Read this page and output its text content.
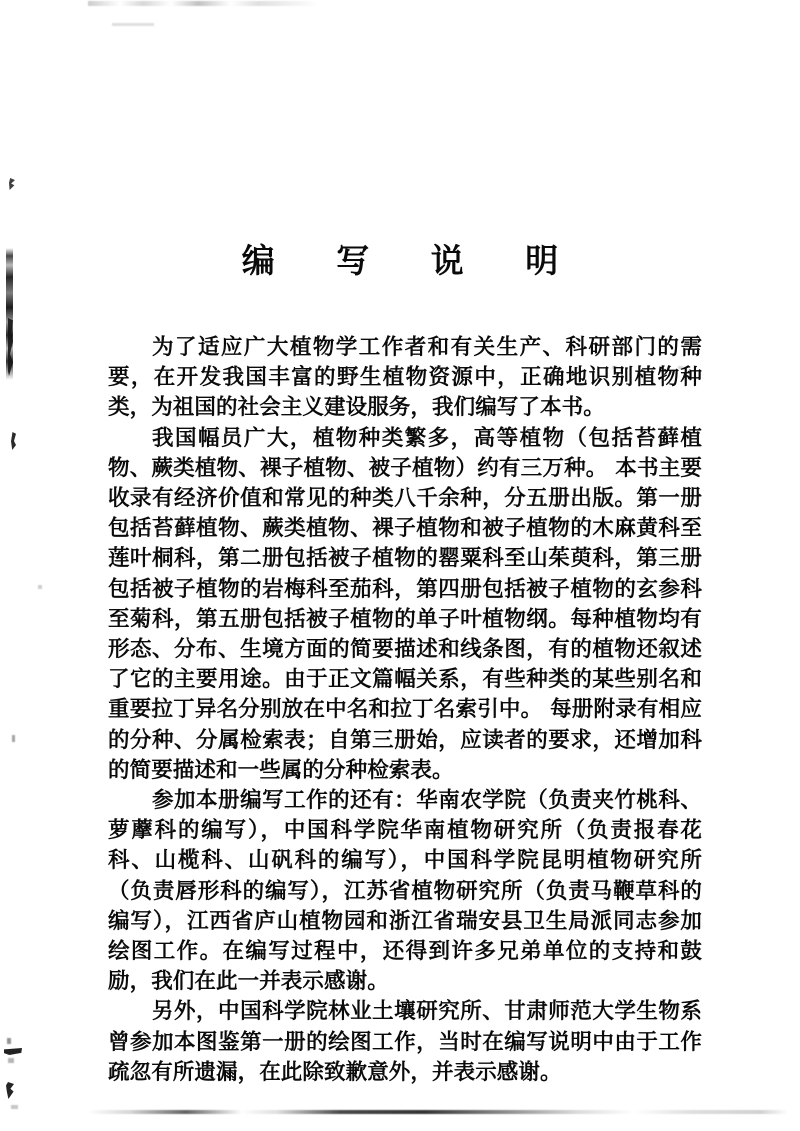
编 写 说 明

为了适应广大植物学工作者和有关生产、科研部门的需要，在开发我国丰富的野生植物资源中，正确地识别植物种类，为祖国的社会主义建设服务，我们编写了本书。

我国幅员广大，植物种类繁多，高等植物（包括苔藓植物、蕨类植物、裸子植物、被子植物）约有三万种。 本书主要收录有经济价值和常见的种类八千余种，分五册出版。第一册包括苔藓植物、蕨类植物、裸子植物和被子植物的木麻黄科至莲叶桐科，第二册包括被子植物的罂粟科至山茱萸科，第三册包括被子植物的岩梅科至茄科，第四册包括被子植物的玄参科至菊科，第五册包括被子植物的单子叶植物纲。每种植物均有形态、分布、生境方面的简要描述和线条图，有的植物还叙述了它的主要用途。由于正文篇幅关系，有些种类的某些别名和重要拉丁异名分别放在中名和拉丁名索引中。 每册附录有相应的分种、分属检索表；自第三册始，应读者的要求，还增加科的简要描述和一些属的分种检索表。

参加本册编写工作的还有：华南农学院（负责夹竹桃科、萝藦科的编写），中国科学院华南植物研究所（负责报春花科、山榄科、山矾科的编写），中国科学院昆明植物研究所（负责唇形科的编写），江苏省植物研究所（负责马鞭草科的编写），江西省庐山植物园和浙江省瑞安县卫生局派同志参加绘图工作。在编写过程中，还得到许多兄弟单位的支持和鼓励，我们在此一并表示感谢。

另外，中国科学院林业土壤研究所、甘肃师范大学生物系曾参加本图鉴第一册的绘图工作，当时在编写说明中由于工作疏忽有所遗漏，在此除致歉意外，并表示感谢。
